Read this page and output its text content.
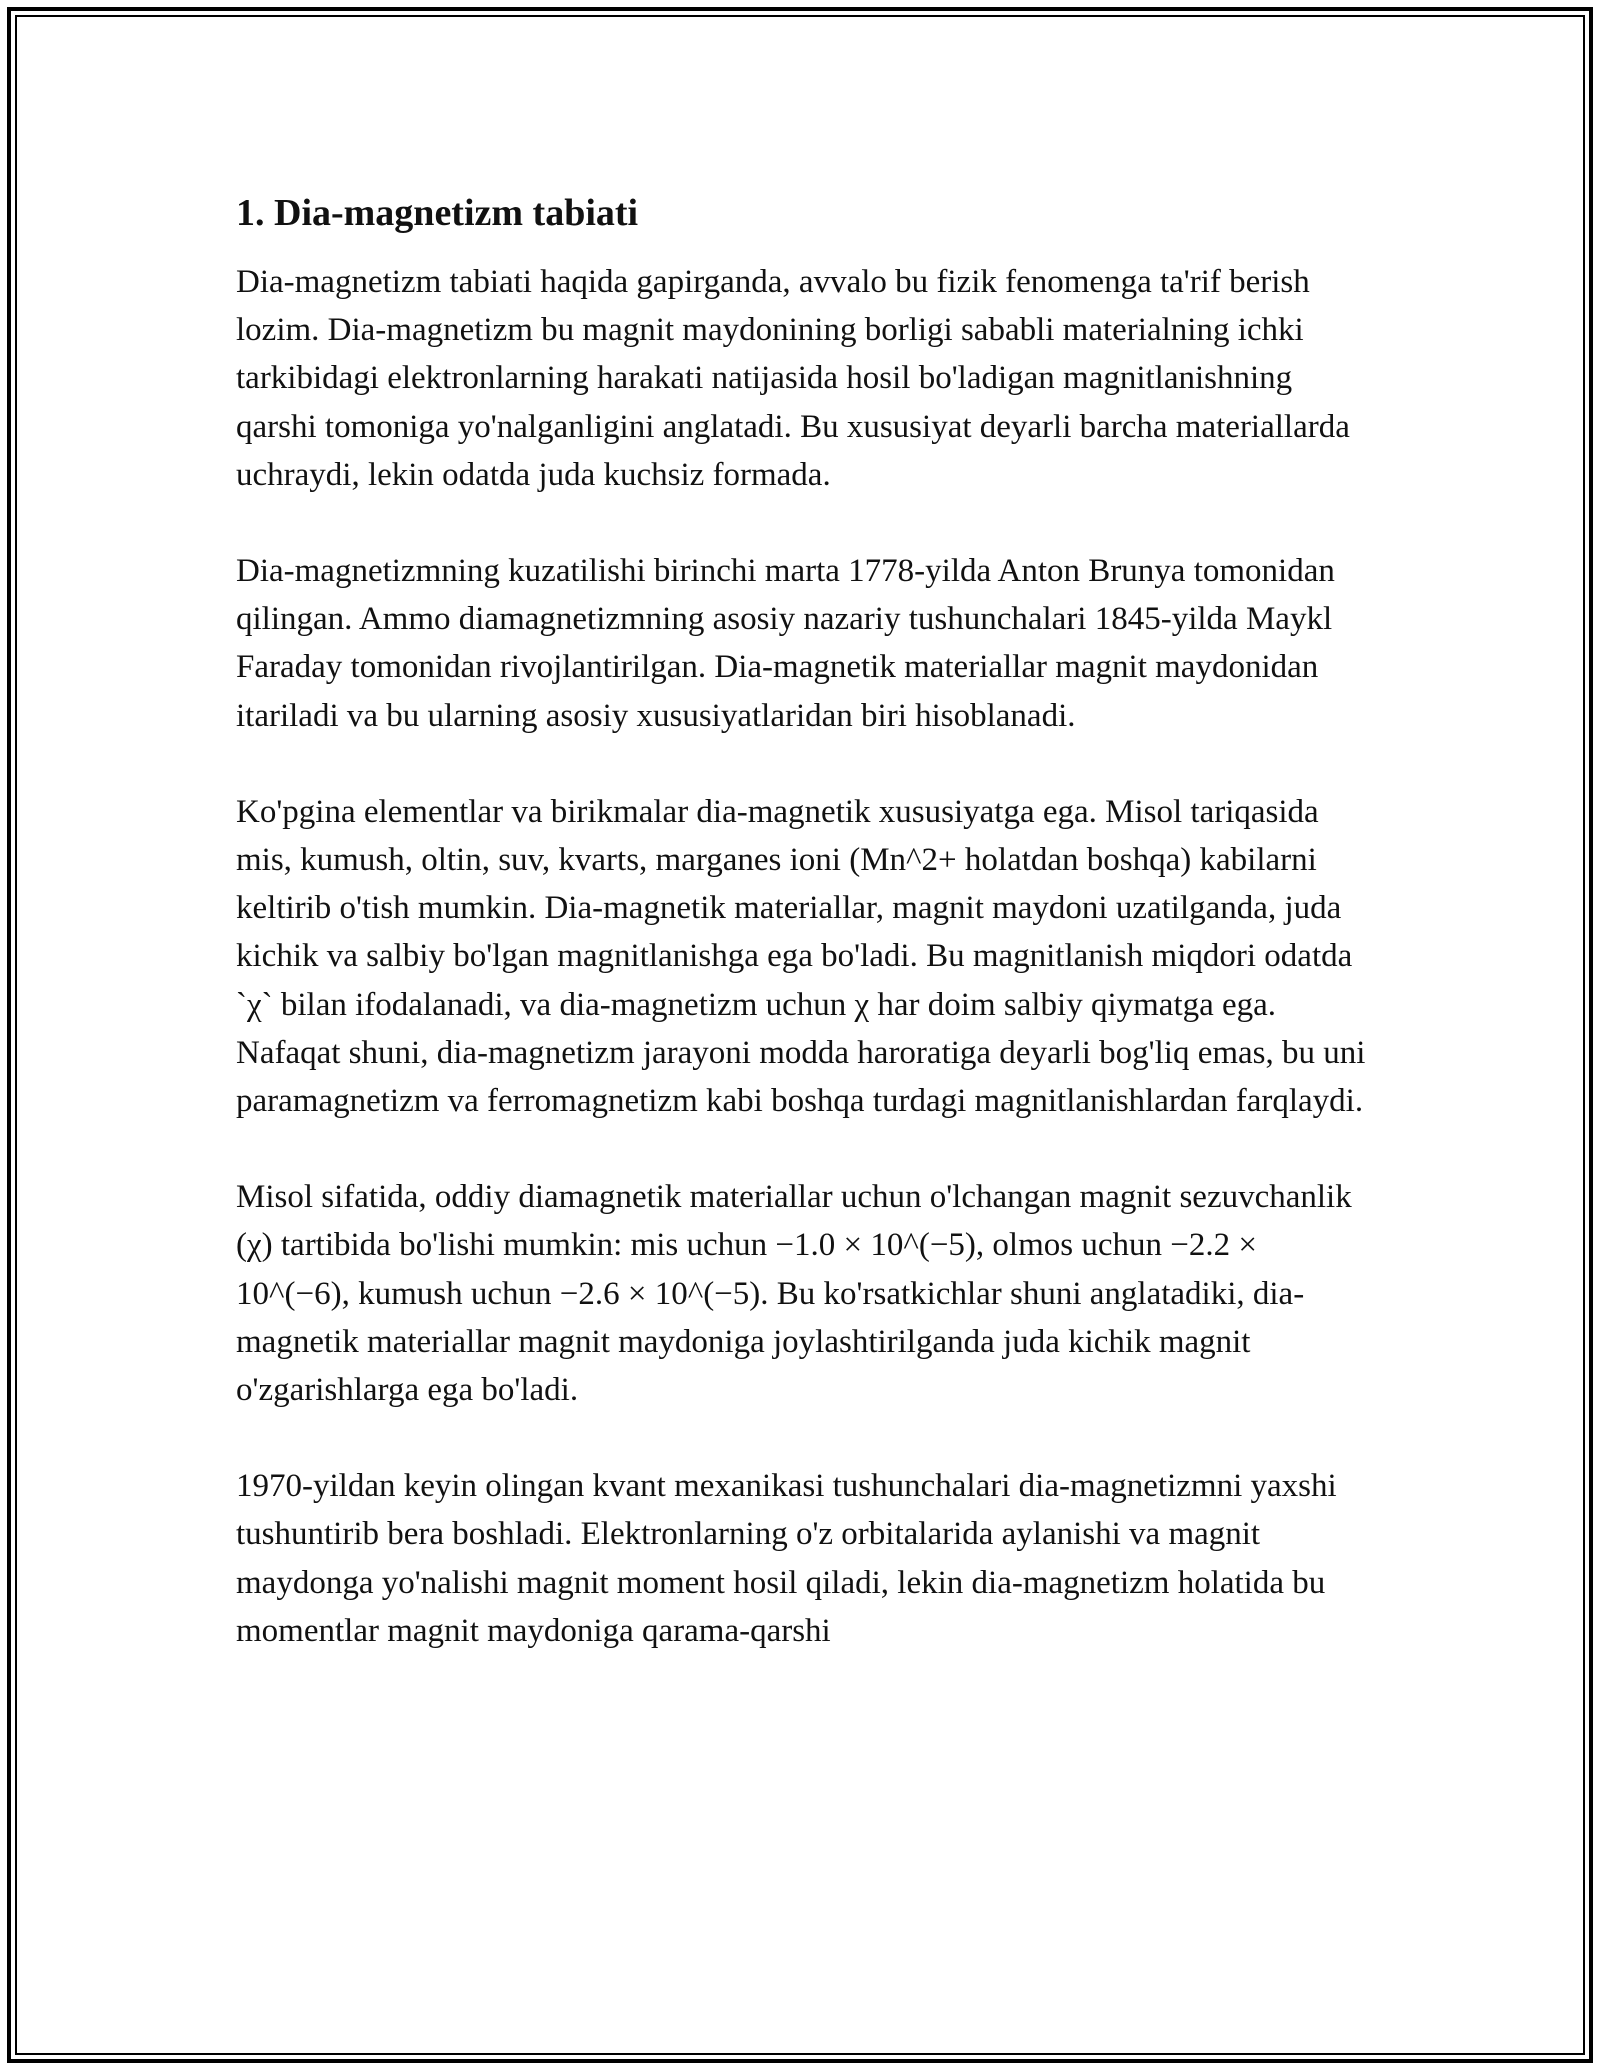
1. Dia-magnetizm tabiati

Dia-magnetizm tabiati haqida gapirganda, avvalo bu fizik fenomenga ta'rif berish lozim. Dia-magnetizm bu magnit maydonining borligi sababli materialning ichki tarkibidagi elektronlarning harakati natijasida hosil bo'ladigan magnitlanishning qarshi tomoniga yo'nalganligini anglatadi. Bu xususiyat deyarli barcha materiallarda uchraydi, lekin odatda juda kuchsiz formada.

Dia-magnetizmning kuzatilishi birinchi marta 1778-yilda Anton Brunya tomonidan qilingan. Ammo diamagnetizmning asosiy nazariy tushunchalari 1845-yilda Maykl Faraday tomonidan rivojlantirilgan. Dia-magnetik materiallar magnit maydonidan itariladi va bu ularning asosiy xususiyatlaridan biri hisoblanadi.

Ko'pgina elementlar va birikmalar dia-magnetik xususiyatga ega. Misol tariqasida mis, kumush, oltin, suv, kvarts, marganes ioni (Mn^2+ holatdan boshqa) kabilarni keltirib o'tish mumkin. Dia-magnetik materiallar, magnit maydoni uzatilganda, juda kichik va salbiy bo'lgan magnitlanishga ega bo'ladi. Bu magnitlanish miqdori odatda `χ` bilan ifodalanadi, va dia-magnetizm uchun χ har doim salbiy qiymatga ega. Nafaqat shuni, dia-magnetizm jarayoni modda haroratiga deyarli bog'liq emas, bu uni paramagnetizm va ferromagnetizm kabi boshqa turdagi magnitlanishlardan farqlaydi.

Misol sifatida, oddiy diamagnetik materiallar uchun o'lchangan magnit sezuvchanlik (χ) tartibida bo'lishi mumkin: mis uchun −1.0 × 10^(−5), olmos uchun −2.2 × 10^(−6), kumush uchun −2.6 × 10^(−5). Bu ko'rsatkichlar shuni anglatadiki, dia-magnetik materiallar magnit maydoniga joylashtirilganda juda kichik magnit o'zgarishlarga ega bo'ladi.

1970-yildan keyin olingan kvant mexanikasi tushunchalari dia-magnetizmni yaxshi tushuntirib bera boshladi. Elektronlarning o'z orbitalarida aylanishi va magnit maydonga yo'nalishi magnit moment hosil qiladi, lekin dia-magnetizm holatida bu momentlar magnit maydoniga qarama-qarshi
